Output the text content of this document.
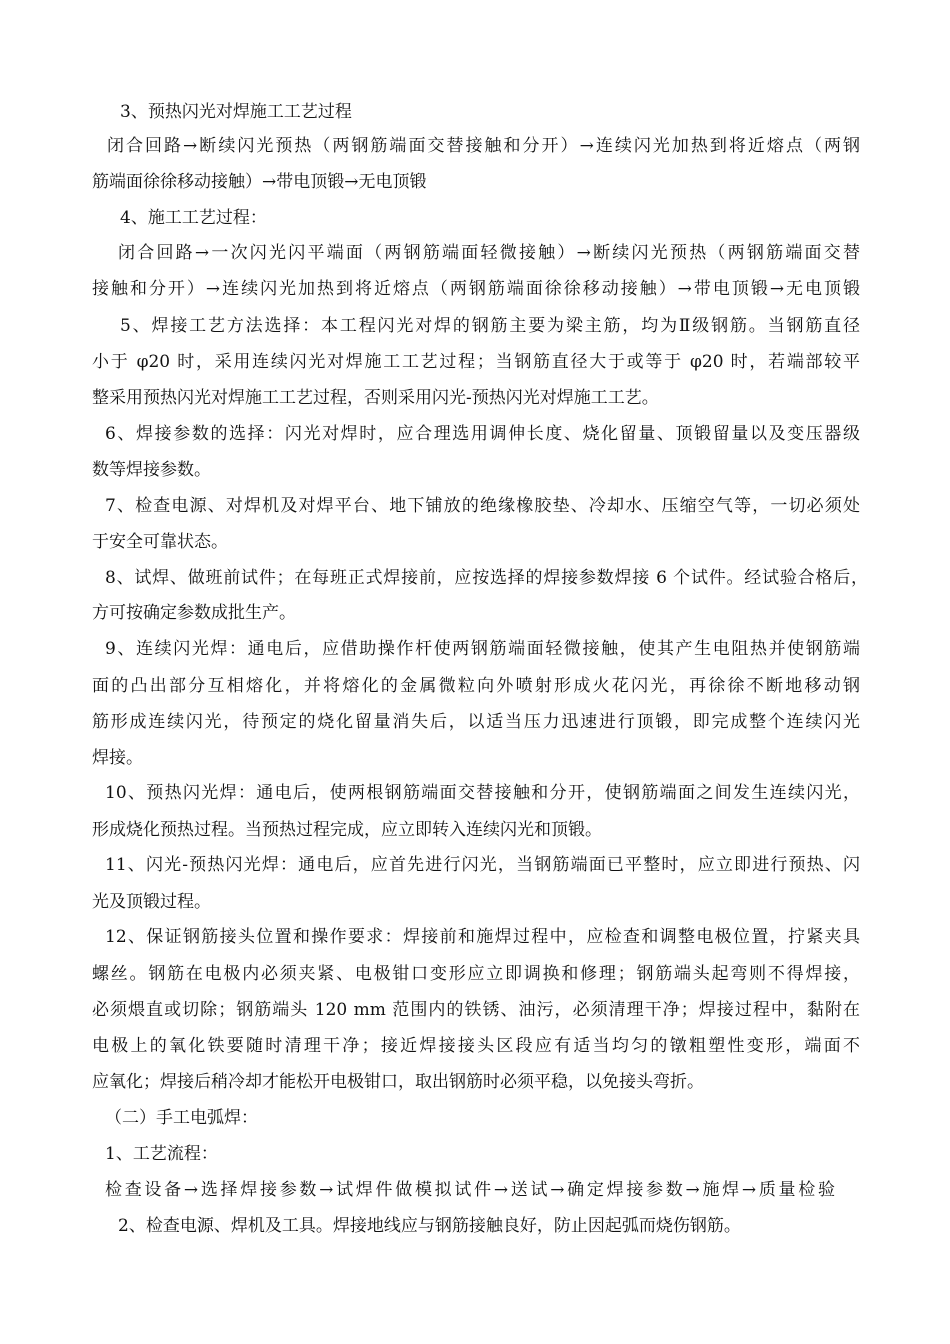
3、预热闪光对焊施工工艺过程
闭合回路→断续闪光预热（两钢筋端面交替接触和分开）→连续闪光加热到将近熔点（两钢
筋端面徐徐移动接触）→带电顶锻→无电顶锻
4、施工工艺过程：
闭合回路→一次闪光闪平端面（两钢筋端面轻微接触）→断续闪光预热（两钢筋端面交替
接触和分开）→连续闪光加热到将近熔点（两钢筋端面徐徐移动接触）→带电顶锻→无电顶锻
5、焊接工艺方法选择：本工程闪光对焊的钢筋主要为梁主筋，均为Ⅱ级钢筋。当钢筋直径
小于 φ20 时，采用连续闪光对焊施工工艺过程；当钢筋直径大于或等于 φ20 时，若端部较平
整采用预热闪光对焊施工工艺过程，否则采用闪光-预热闪光对焊施工工艺。
6、焊接参数的选择：闪光对焊时，应合理选用调伸长度、烧化留量、顶锻留量以及变压器级
数等焊接参数。
7、检查电源、对焊机及对焊平台、地下铺放的绝缘橡胶垫、冷却水、压缩空气等，一切必须处
于安全可靠状态。
8、试焊、做班前试件；在每班正式焊接前，应按选择的焊接参数焊接 6 个试件。经试验合格后，
方可按确定参数成批生产。
9、连续闪光焊：通电后，应借助操作杆使两钢筋端面轻微接触，使其产生电阻热并使钢筋端
面的凸出部分互相熔化，并将熔化的金属微粒向外喷射形成火花闪光，再徐徐不断地移动钢
筋形成连续闪光，待预定的烧化留量消失后，以适当压力迅速进行顶锻，即完成整个连续闪光
焊接。
10、预热闪光焊：通电后，使两根钢筋端面交替接触和分开，使钢筋端面之间发生连续闪光，
形成烧化预热过程。当预热过程完成，应立即转入连续闪光和顶锻。
11、闪光-预热闪光焊：通电后，应首先进行闪光，当钢筋端面已平整时，应立即进行预热、闪
光及顶锻过程。
12、保证钢筋接头位置和操作要求：焊接前和施焊过程中，应检查和调整电极位置，拧紧夹具
螺丝。钢筋在电极内必须夹紧、电极钳口变形应立即调换和修理；钢筋端头起弯则不得焊接，
必须煨直或切除；钢筋端头 120 mm 范围内的铁锈、油污，必须清理干净；焊接过程中，黏附在
电极上的氧化铁要随时清理干净；接近焊接接头区段应有适当均匀的镦粗塑性变形，端面不
应氧化；焊接后稍冷却才能松开电极钳口，取出钢筋时必须平稳，以免接头弯折。
（二）手工电弧焊：
1、工艺流程：
检查设备→选择焊接参数→试焊件做模拟试件→送试→确定焊接参数→施焊→质量检验
2、检查电源、焊机及工具。焊接地线应与钢筋接触良好，防止因起弧而烧伤钢筋。
